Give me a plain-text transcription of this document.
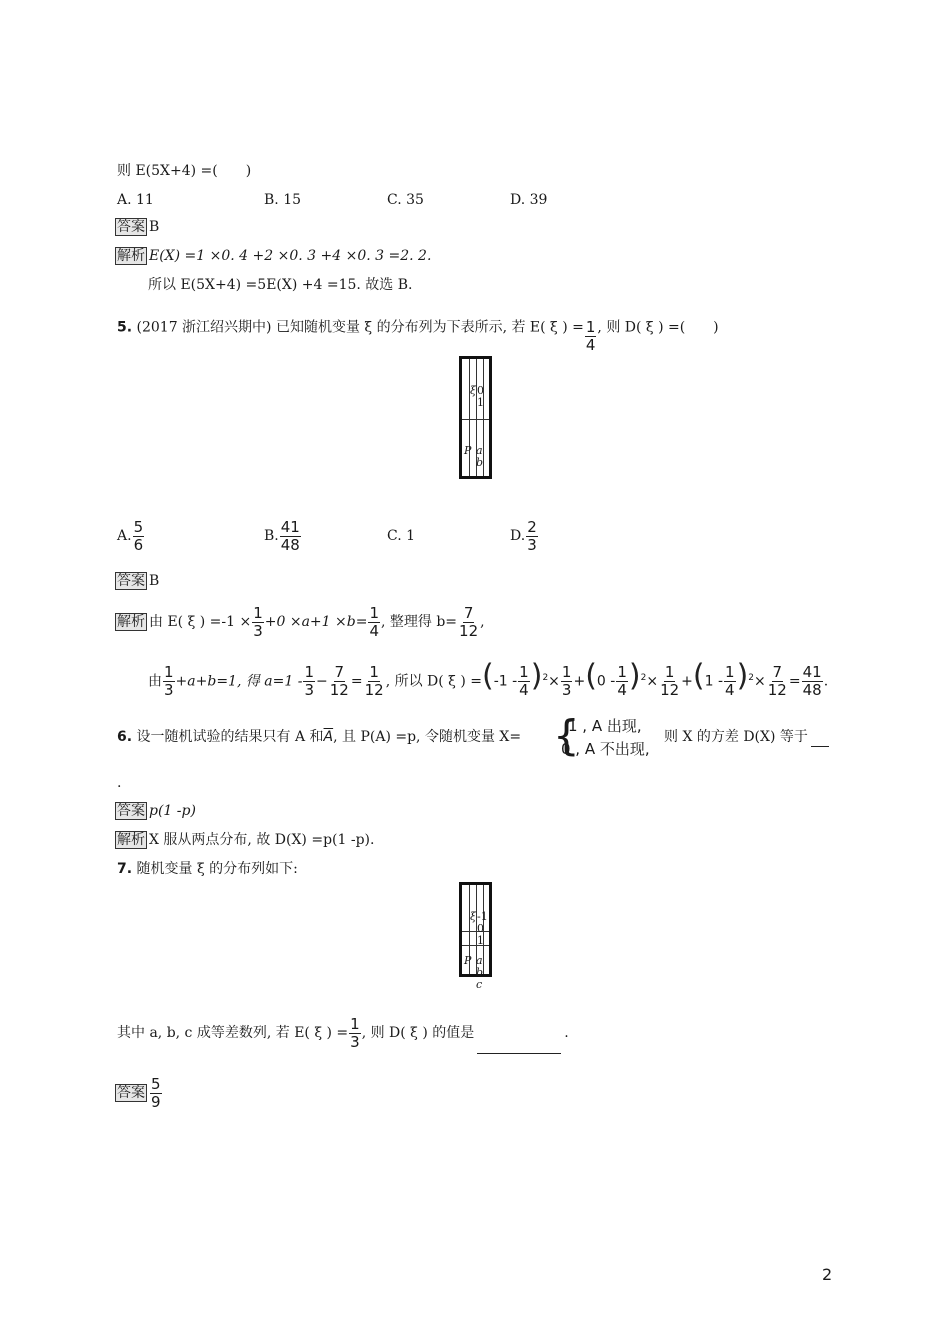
则 E(5X+4) =(　　)
A. 11	B. 15	C. 35	D. 39
答案 B
解析 E(X) =1 ×0. 4 +2 ×0. 3 +4 ×0. 3 =2. 2.
所以 E(5X+4) =5E(X) +4 =15. 故选 B.
5. (2017 浙江绍兴期中) 已知随机变量 ξ 的分布列为下表所示, 若 E( ξ ) = $\frac{1}{4}$ , 则 D( ξ ) =(　　)
ξ 0 1
P a b
A. $\frac{5}{6}$	B. $\frac{41}{48}$	C. 1	D. $\frac{2}{3}$
答案 B
解析 由 E( ξ ) $=-1 \times \frac{1}{3} +0 \times a+1 \times b= \frac{1}{4}$ , 整理得 $b= \frac{7}{12}$ ,
由 $\frac{1}{3} +a+b=1$, 得 $a=1 - \frac{1}{3} - \frac{7}{12} = \frac{1}{12}$ , 所以 D( ξ ) $=(-1 - \frac{1}{4} )^2\times \frac{1}{3} +(0 - \frac{1}{4} )^2\times \frac{1}{12} +(1 - \frac{1}{4} )^2\times \frac{7}{12} = \frac{41}{48}$ .
6. 设一随机试验的结果只有 A 和$\overline{A}$, 且 P(A) =p, 令随机变量 X= {
1 , A 出现,
0 , A 不出现,
则 X 的方差 D(X) 等于
.
答案 p(1 -p)
解析 X 服从两点分布, 故 D(X) =p(1 -p).
7. 随机变量 ξ 的分布列如下:
ξ -1 0 1
P a b c
其中 a, b, c 成等差数列, 若 E( ξ ) = $\frac{1}{3}$ , 则 D( ξ ) 的值是	.
答案 $\frac{5}{9}$
2
